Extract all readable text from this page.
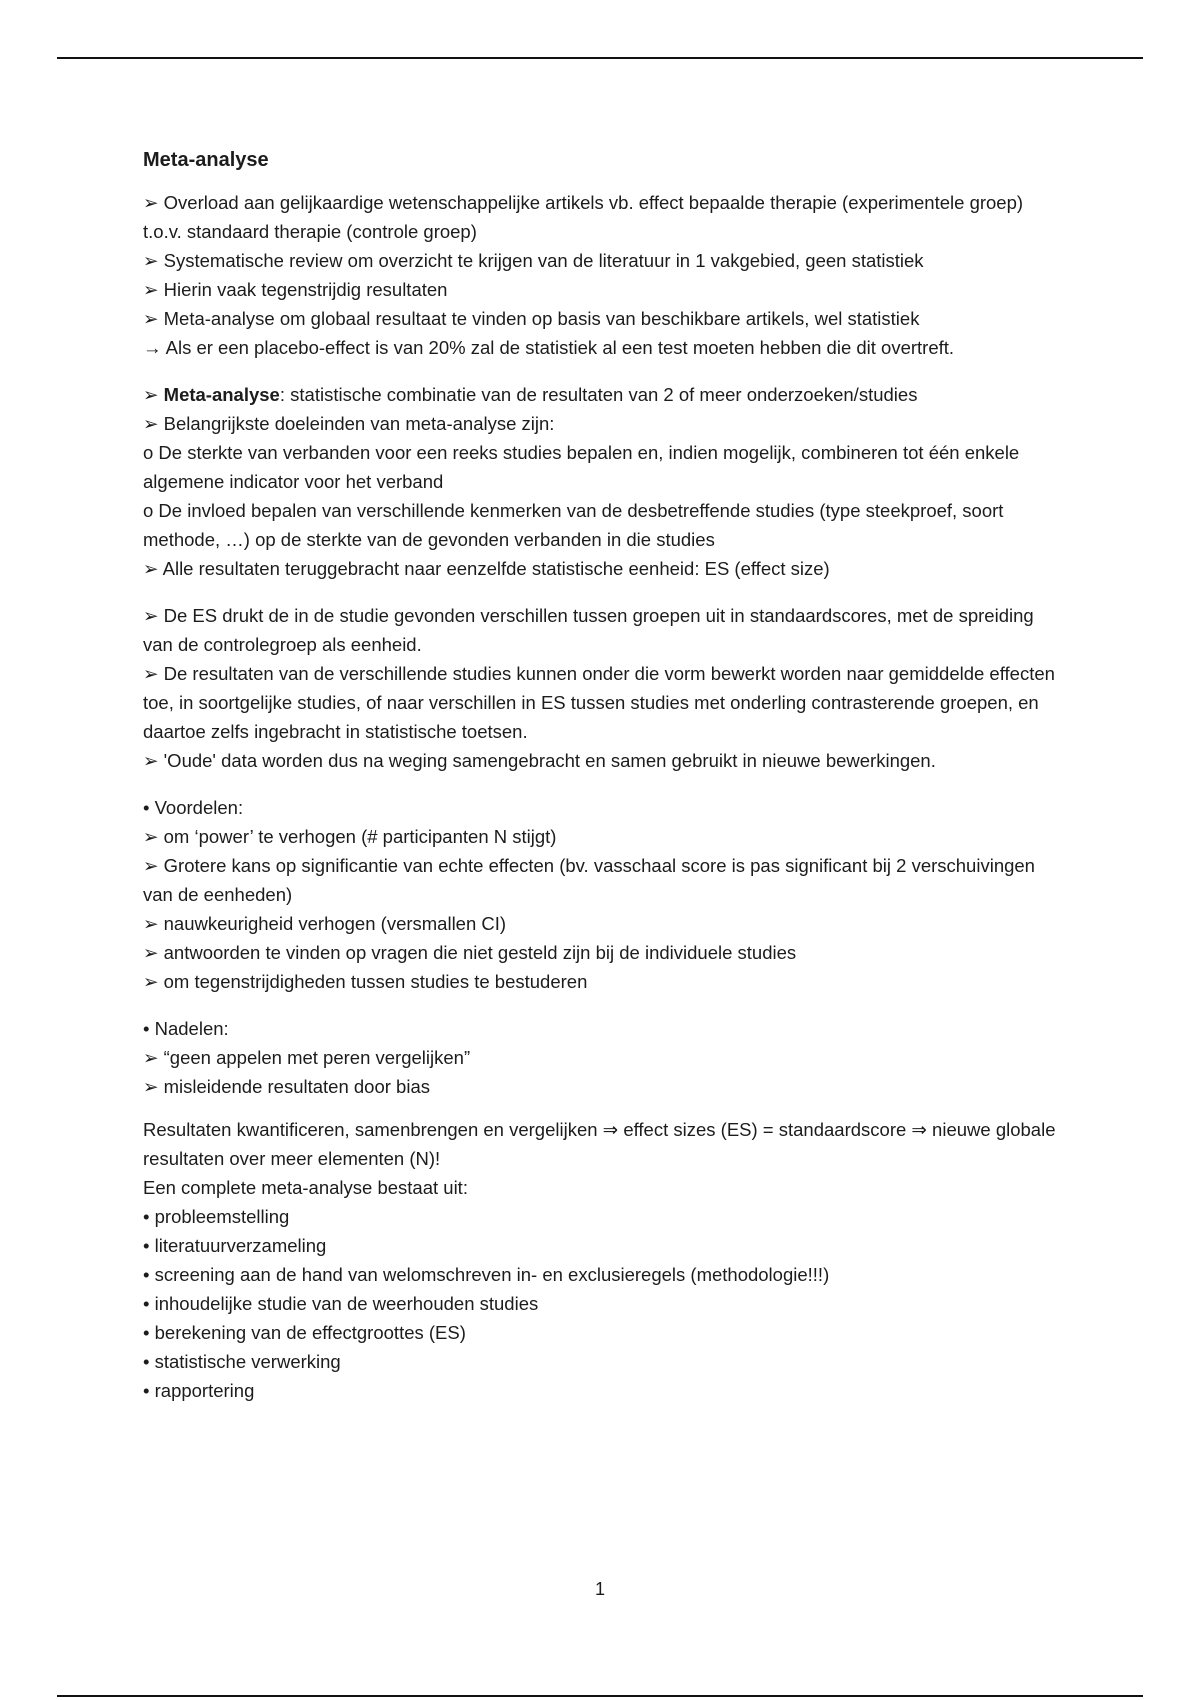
Meta-analyse

➢ Overload aan gelijkaardige wetenschappelijke artikels vb. effect bepaalde therapie (experimentele groep) t.o.v. standaard therapie (controle groep)

➢ Systematische review om overzicht te krijgen van de literatuur in 1 vakgebied, geen statistiek

➢ Hierin vaak tegenstrijdig resultaten

➢ Meta-analyse om globaal resultaat te vinden op basis van beschikbare artikels, wel statistiek

→ Als er een placebo-effect is van 20% zal de statistiek al een test moeten hebben die dit overtreft.

➢ Meta-analyse: statistische combinatie van de resultaten van 2 of meer onderzoeken/studies

➢ Belangrijkste doeleinden van meta-analyse zijn:

o De sterkte van verbanden voor een reeks studies bepalen en, indien mogelijk, combineren tot één enkele algemene indicator voor het verband

o De invloed bepalen van verschillende kenmerken van de desbetreffende studies (type steekproef, soort methode, …) op de sterkte van de gevonden verbanden in die studies

➢ Alle resultaten teruggebracht naar eenzelfde statistische eenheid: ES (effect size)

➢ De ES drukt de in de studie gevonden verschillen tussen groepen uit in standaardscores, met de spreiding van de controlegroep als eenheid.

➢ De resultaten van de verschillende studies kunnen onder die vorm bewerkt worden naar gemiddelde effecten toe, in soortgelijke studies, of naar verschillen in ES tussen studies met onderling contrasterende groepen, en daartoe zelfs ingebracht in statistische toetsen.

➢ 'Oude' data worden dus na weging samengebracht en samen gebruikt in nieuwe bewerkingen.

• Voordelen:

➢ om ‘power’ te verhogen (# participanten N stijgt)

➢ Grotere kans op significantie van echte effecten (bv. vasschaal score is pas significant bij 2 verschuivingen van de eenheden)

➢ nauwkeurigheid verhogen (versmallen CI)

➢ antwoorden te vinden op vragen die niet gesteld zijn bij de individuele studies

➢ om tegenstrijdigheden tussen studies te bestuderen

• Nadelen:

➢ “geen appelen met peren vergelijken”

➢ misleidende resultaten door bias

Resultaten kwantificeren, samenbrengen en vergelijken ⇒ effect sizes (ES) = standaardscore ⇒ nieuwe globale resultaten over meer elementen (N)!

Een complete meta-analyse bestaat uit:

• probleemstelling

• literatuurverzameling

• screening aan de hand van welomschreven in- en exclusieregels (methodologie!!!)

• inhoudelijke studie van de weerhouden studies

• berekening van de effectgroottes (ES)

• statistische verwerking

• rapportering

1
